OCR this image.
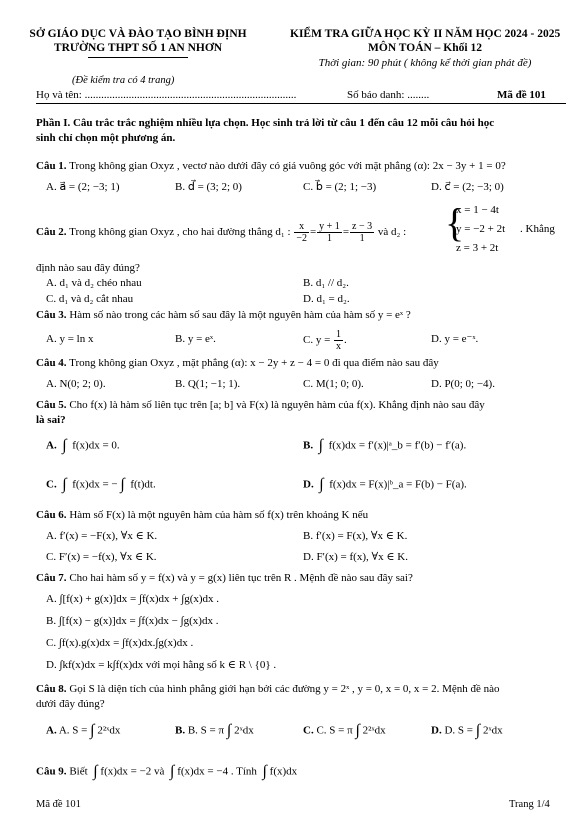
SỞ GIÁO DỤC VÀ ĐÀO TẠO BÌNH ĐỊNH
TRƯỜNG THPT SỐ 1 AN NHƠN
KIỂM TRA GIỮA HỌC KỲ II NĂM HỌC 2024 - 2025
MÔN TOÁN – Khối 12
Thời gian: 90 phút ( không kể thời gian phát đề)
(Đề kiểm tra có 4 trang)
Họ và tên: .............................................................................	Số báo danh: ........	Mã đề 101
Phần I. Câu trắc trắc nghiệm nhiều lựa chọn. Học sinh trả lời từ câu 1 đến câu 12 mỗi câu hỏi học
sinh chỉ chọn một phương án.
Câu 1. Trong không gian Oxyz , vectơ nào dưới đây có giá vuông góc với mặt phẳng (α): 2x − 3y + 1 = 0?
A. a⃗ = (2; −3; 1)	B. d⃗ = (3; 2; 0)	C. b⃗ = (2; 1; −3)	D. c⃗ = (2; −3; 0)
Câu 2. Trong không gian Oxyz , cho hai đường thẳng d₁ : $\frac{x}{-2} = \frac{y + 1}{1} = \frac{z - 3}{1}$ và d₂ : {
x = 1 − 4t
y = −2 + 2t
z = 3 + 2t
. Khẳng
định nào sau đây đúng?
A. d₁ và d₂ chéo nhau	B. d₁ // d₂.
C. d₁ và d₂ cắt nhau	D. d₁ = d₂.
Câu 3. Hàm số nào trong các hàm số sau đây là một nguyên hàm của hàm số y = eˣ ?
A. y = ln x	B. y = eˣ.	C. $y = \frac{1}{x}$ .	D. y = e⁻ˣ.
Câu 4. Trong không gian Oxyz , mặt phẳng (α): x − 2y + z − 4 = 0 đi qua điểm nào sau đây
A. N(0; 2; 0).	B. Q(1; −1; 1).	C. M(1; 0; 0).	D. P(0; 0; −4).
Câu 5. Cho f(x) là hàm số liên tục trên [a; b] và F(x) là nguyên hàm của f(x). Khẳng định nào sau đây
là sai?
A. ∫ f(x)dx = 0.	B. ∫ f(x)dx = f′(x)|ᵃ_b = f′(b) − f′(a).
C. ∫ f(x)dx = − ∫ f(t)dt.	D. ∫ f(x)dx = F(x)|ᵇ_a = F(b) − F(a).
Câu 6. Hàm số F(x) là một nguyên hàm của hàm số f(x) trên khoảng K nếu
A. f′(x) = −F(x), ∀x ∈ K.	B. f′(x) = F(x), ∀x ∈ K.
C. F′(x) = −f(x), ∀x ∈ K.	D. F′(x) = f(x), ∀x ∈ K.
Câu 7. Cho hai hàm số y = f(x) và y = g(x) liên tục trên R . Mệnh đề nào sau đây sai?
A. ∫[f(x) + g(x)]dx = ∫f(x)dx + ∫g(x)dx .
B. ∫[f(x) − g(x)]dx = ∫f(x)dx − ∫g(x)dx .
C. ∫f(x).g(x)dx = ∫f(x)dx.∫g(x)dx .
D. ∫kf(x)dx = k∫f(x)dx với mọi hằng số k ∈ R \ {0} .
Câu 8. Gọi S là diện tích của hình phẳng giới hạn bởi các đường y = 2ˣ , y = 0, x = 0, x = 2. Mệnh đề nào
dưới đây đúng?
A. A. S = ∫ 2²ˣdx	B. B. S = π ∫ 2ˣdx	C. C. S = π ∫ 2²ˣdx	D. D. S = ∫ 2ˣdx
Câu 9. Biết ∫ f(x)dx = −2 và ∫ f(x)dx = −4 . Tính ∫ f(x)dx
Mã đề 101	Trang 1/4
